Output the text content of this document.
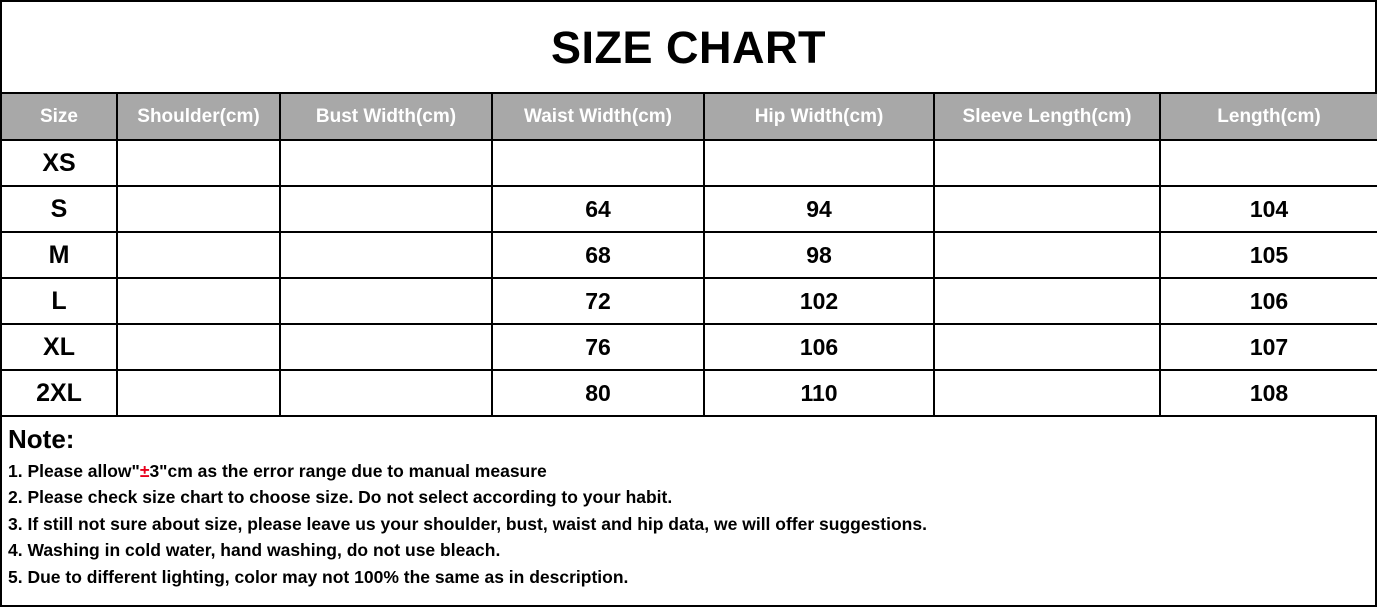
SIZE CHART
Size	Shoulder(cm)	Bust Width(cm)	Waist Width(cm)	Hip Width(cm)	Sleeve Length(cm)	Length(cm)
XS						
S			64	94		104
M			68	98		105
L			72	102		106
XL			76	106		107
2XL			80	110		108
Note:
1. Please allow"±3"cm as the error range due to manual measure
2. Please check size chart to choose size. Do not select according to your habit.
3. If still not sure about size, please leave us your shoulder, bust, waist and hip data, we will offer suggestions.
4. Washing in cold water, hand washing, do not use bleach.
5. Due to different lighting, color may not 100% the same as in description.
